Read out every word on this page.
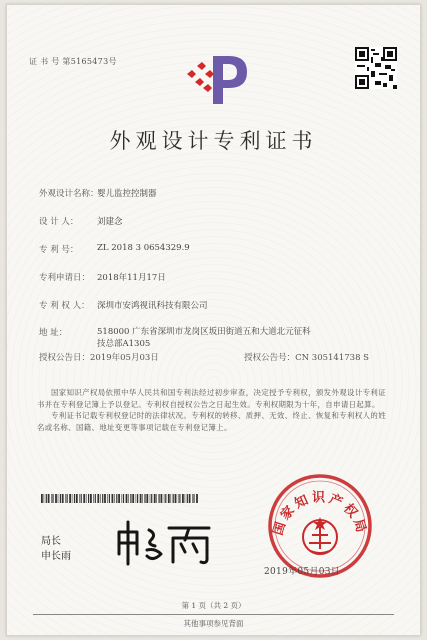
证 书 号 第5165473号
外观设计专利证书
外观设计名称：
婴儿监控控制器
设 计 人：	刘建念
专 利 号：	ZL 2018 3 0654329.9
专利申请日： 2018年11月17日
专 利 权 人： 深圳市安鸿视讯科技有限公司
地 址：	518000 广东省深圳市龙岗区坂田街道五和大道北元征科技总部A1305
授权公告日：2019年05月03日	授权公告号：CN 305141738 S

国家知识产权局依照中华人民共和国专利法经过初步审查，决定授予专利权，颁发外观设计专利证书并在专利登记簿上予以登记。专利权自授权公告之日起生效。专利权期限为十年，自申请日起算。

专利证书记载专利权登记时的法律状况。专利权的转移、质押、无效、终止、恢复和专利权人的姓名或名称、国籍、地址变更等事项记载在专利登记簿上。

局长
申长雨
国家知识产权局
2019年05月03日
第 1 页（共 2 页）
其他事项参见背面
